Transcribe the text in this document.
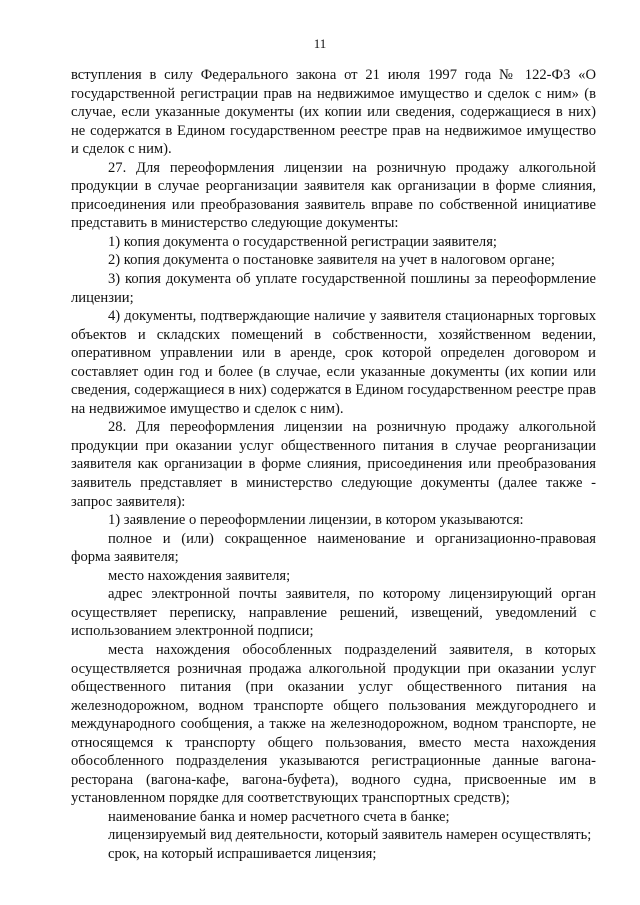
11

вступления в силу Федерального закона от 21 июля 1997 года № 122-ФЗ «О государственной регистрации прав на недвижимое имущество и сделок с ним» (в случае, если указанные документы (их копии или сведения, содержащиеся в них) не содержатся в Едином государственном реестре прав на недвижимое имущество и сделок с ним).

27. Для переоформления лицензии на розничную продажу алкогольной продукции в случае реорганизации заявителя как организации в форме слияния, присоединения или преобразования заявитель вправе по собственной инициативе представить в министерство следующие документы:

1) копия документа о государственной регистрации заявителя;

2) копия документа о постановке заявителя на учет в налоговом органе;

3) копия документа об уплате государственной пошлины за переоформление лицензии;

4) документы, подтверждающие наличие у заявителя стационарных торговых объектов и складских помещений в собственности, хозяйственном ведении, оперативном управлении или в аренде, срок которой определен договором и составляет один год и более (в случае, если указанные документы (их копии или сведения, содержащиеся в них) содержатся в Едином государственном реестре прав на недвижимое имущество и сделок с ним).

28. Для переоформления лицензии на розничную продажу алкогольной продукции при оказании услуг общественного питания в случае реорганизации заявителя как организации в форме слияния, присоединения или преобразования заявитель представляет в министерство следующие документы (далее также - запрос заявителя):

1) заявление о переоформлении лицензии, в котором указываются:

полное и (или) сокращенное наименование и организационно-правовая форма заявителя;

место нахождения заявителя;

адрес электронной почты заявителя, по которому лицензирующий орган осуществляет переписку, направление решений, извещений, уведомлений с использованием электронной подписи;

места нахождения обособленных подразделений заявителя, в которых осуществляется розничная продажа алкогольной продукции при оказании услуг общественного питания (при оказании услуг общественного питания на железнодорожном, водном транспорте общего пользования междугороднего и международного сообщения, а также на железнодорожном, водном транспорте, не относящемся к транспорту общего пользования, вместо места нахождения обособленного подразделения указываются регистрационные данные вагона-ресторана (вагона-кафе, вагона-буфета), водного судна, присвоенные им в установленном порядке для соответствующих транспортных средств);

наименование банка и номер расчетного счета в банке;

лицензируемый вид деятельности, который заявитель намерен осуществлять;

срок, на который испрашивается лицензия;
